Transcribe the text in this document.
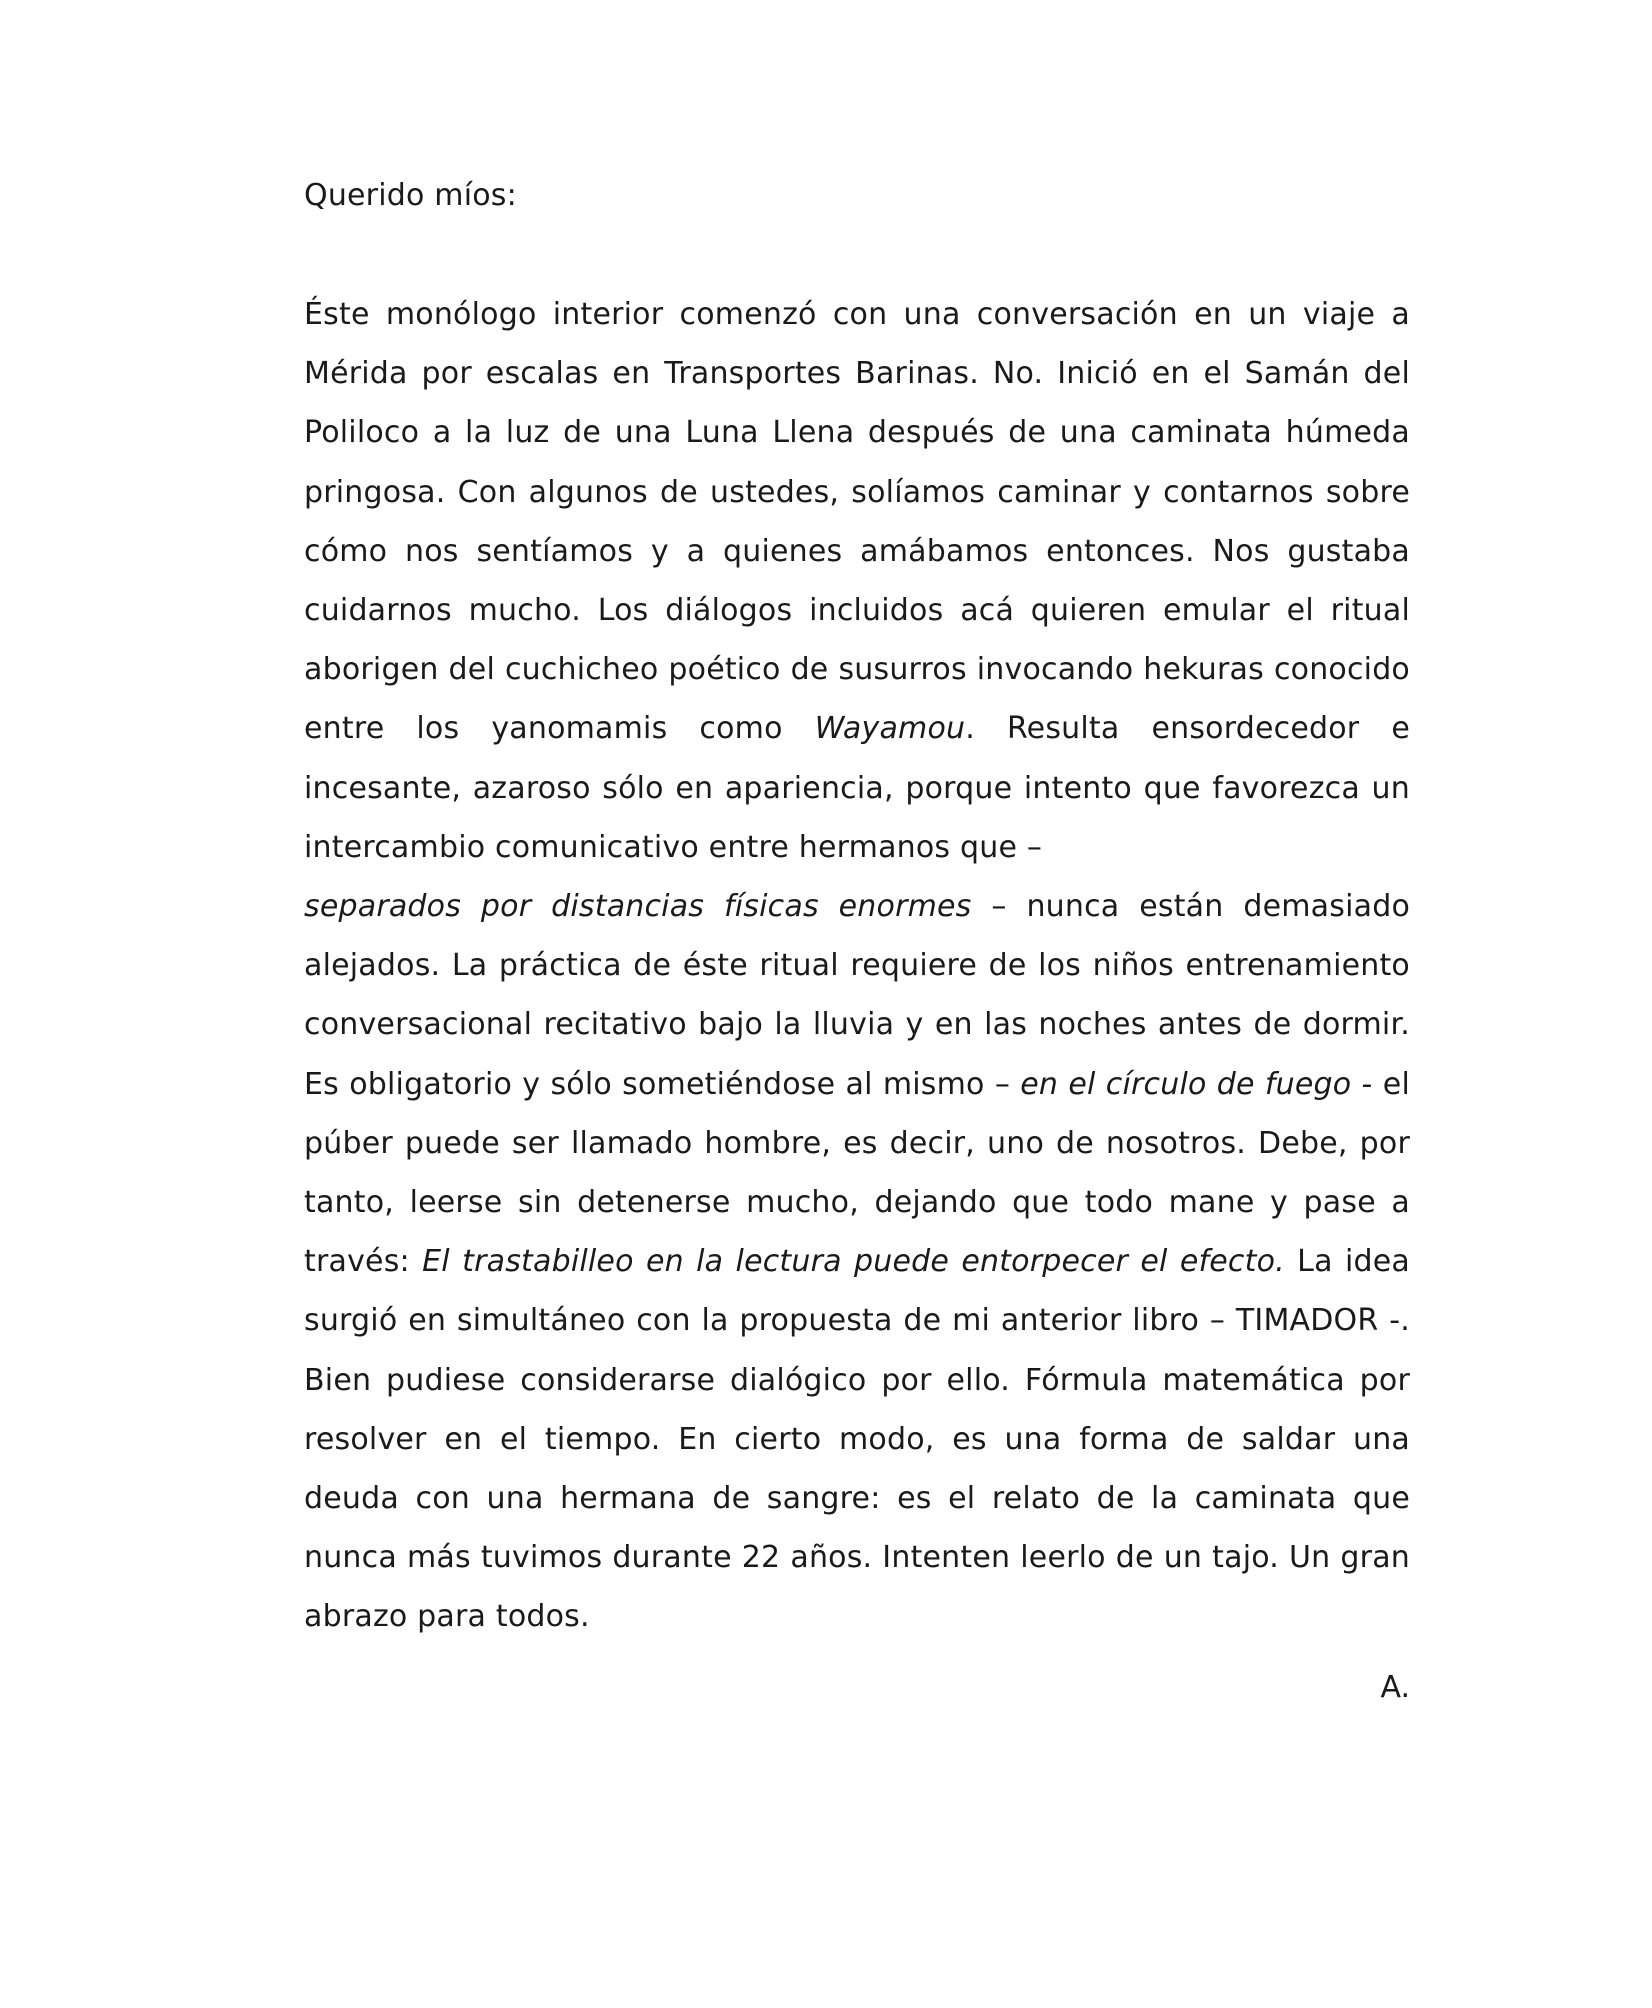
Querido míos:
Éste monólogo interior comenzó con una conversación en un viaje a Mérida por escalas en Transportes Barinas. No. Inició en el Samán del Poliloco a la luz de una Luna Llena después de una caminata húmeda pringosa. Con algunos de ustedes, solíamos caminar y contarnos sobre cómo nos sentíamos y a quienes amábamos entonces. Nos gustaba cuidarnos mucho. Los diálogos incluidos acá quieren emular el ritual aborigen del cuchicheo poético de susurros invocando hekuras conocido entre los yanomamis como Wayamou. Resulta ensordecedor e incesante, azaroso sólo en apariencia, porque intento que favorezca un intercambio comunicativo entre hermanos que –
separados por distancias físicas enormes – nunca están demasiado alejados. La práctica de éste ritual requiere de los niños entrenamiento conversacional recitativo bajo la lluvia y en las noches antes de dormir. Es obligatorio y sólo sometiéndose al mismo – en el círculo de fuego - el púber puede ser llamado hombre, es decir, uno de nosotros. Debe, por tanto, leerse sin detenerse mucho, dejando que todo mane y pase a través: El trastabilleo en la lectura puede entorpecer el efecto. La idea surgió en simultáneo con la propuesta de mi anterior libro – TIMADOR -. Bien pudiese considerarse dialógico por ello. Fórmula matemática por resolver en el tiempo. En cierto modo, es una forma de saldar una deuda con una hermana de sangre: es el relato de la caminata que nunca más tuvimos durante 22 años. Intenten leerlo de un tajo. Un gran abrazo para todos.
A.
